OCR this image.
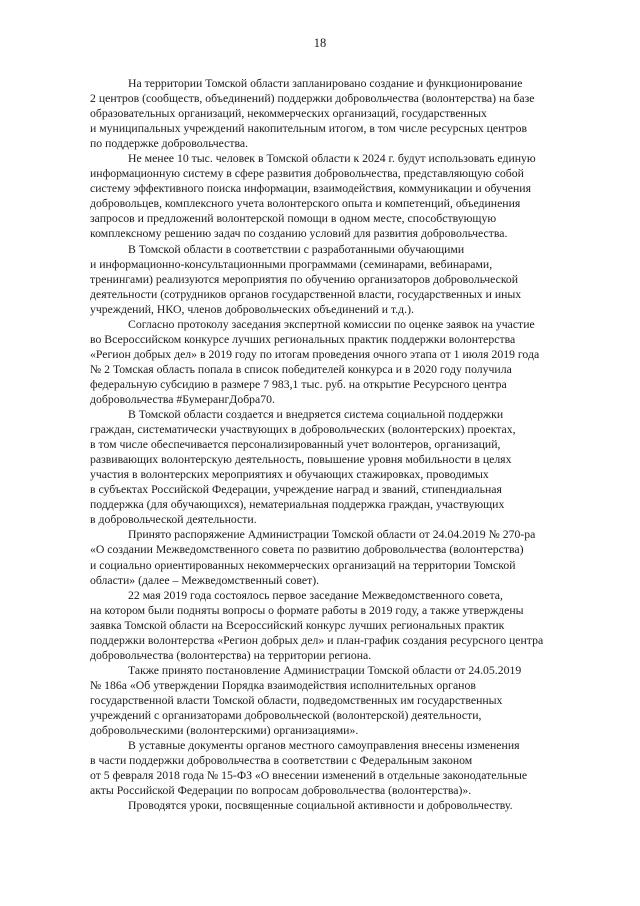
18

На территории Томской области запланировано создание и функционирование
2 центров (сообществ, объединений) поддержки добровольчества (волонтерства) на базе
образовательных организаций, некоммерческих организаций, государственных
и муниципальных учреждений накопительным итогом, в том числе ресурсных центров
по поддержке добровольчества.

Не менее 10 тыс. человек в Томской области к 2024 г. будут использовать единую
информационную систему в сфере развития добровольчества, представляющую собой
систему эффективного поиска информации, взаимодействия, коммуникации и обучения
добровольцев, комплексного учета волонтерского опыта и компетенций, объединения
запросов и предложений волонтерской помощи в одном месте, способствующую
комплексному решению задач по созданию условий для развития добровольчества.

В Томской области в соответствии с разработанными обучающими
и информационно-консультационными программами (семинарами, вебинарами,
тренингами) реализуются мероприятия по обучению организаторов добровольческой
деятельности (сотрудников органов государственной власти, государственных и иных
учреждений, НКО, членов добровольческих объединений и т.д.).

Согласно протоколу заседания экспертной комиссии по оценке заявок на участие
во Всероссийском конкурсе лучших региональных практик поддержки волонтерства
«Регион добрых дел» в 2019 году по итогам проведения очного этапа от 1 июля 2019 года
№ 2 Томская область попала в список победителей конкурса и в 2020 году получила
федеральную субсидию в размере 7 983,1 тыс. руб. на открытие Ресурсного центра
добровольчества #БумерангДобра70.

В Томской области создается и внедряется система социальной поддержки
граждан, систематически участвующих в добровольческих (волонтерских) проектах,
в том числе обеспечивается персонализированный учет волонтеров, организаций,
развивающих волонтерскую деятельность, повышение уровня мобильности в целях
участия в волонтерских мероприятиях и обучающих стажировках, проводимых
в субъектах Российской Федерации, учреждение наград и званий, стипендиальная
поддержка (для обучающихся), нематериальная поддержка граждан, участвующих
в добровольческой деятельности.

Принято распоряжение Администрации Томской области от 24.04.2019 № 270-ра
«О создании Межведомственного совета по развитию добровольчества (волонтерства)
и социально ориентированных некоммерческих организаций на территории Томской
области» (далее – Межведомственный совет).

22 мая 2019 года состоялось первое заседание Межведомственного совета,
на котором были подняты вопросы о формате работы в 2019 году, а также утверждены
заявка Томской области на Всероссийский конкурс лучших региональных практик
поддержки волонтерства «Регион добрых дел» и план-график создания ресурсного центра
добровольчества (волонтерства) на территории региона.

Также принято постановление Администрации Томской области от 24.05.2019
№ 186а «Об утверждении Порядка взаимодействия исполнительных органов
государственной власти Томской области, подведомственных им государственных
учреждений с организаторами добровольческой (волонтерской) деятельности,
добровольческими (волонтерскими) организациями».

В уставные документы органов местного самоуправления внесены изменения
в части поддержки добровольчества в соответствии с Федеральным законом
от 5 февраля 2018 года № 15-ФЗ «О внесении изменений в отдельные законодательные
акты Российской Федерации по вопросам добровольчества (волонтерства)».

Проводятся уроки, посвященные социальной активности и добровольчеству.
